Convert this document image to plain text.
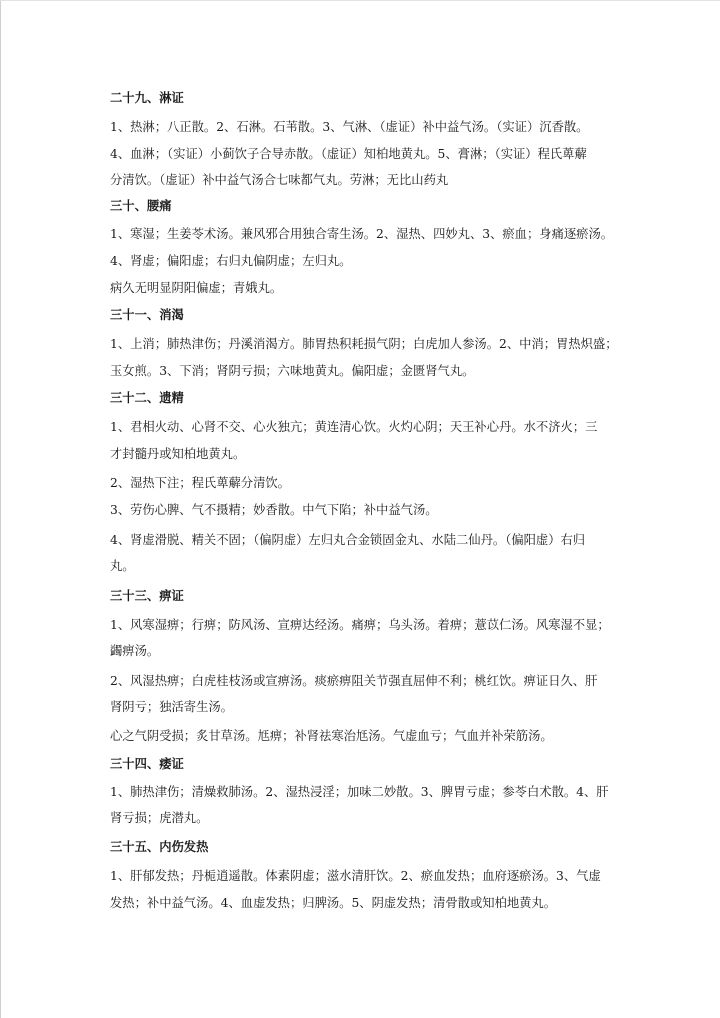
二十九、淋证
1、热淋；八正散。2、石淋。石苇散。3、气淋、（虚证）补中益气汤。（实证）沉香散。
4、血淋；（实证）小蓟饮子合导赤散。（虚证）知柏地黄丸。5、膏淋；（实证）程氏萆薢
分清饮。（虚证）补中益气汤合七味都气丸。劳淋；无比山药丸
三十、腰痛
1、寒湿；生姜苓术汤。兼风邪合用独合寄生汤。2、湿热、四妙丸、3、瘀血；身痛逐瘀汤。
4、肾虚；偏阳虚；右归丸偏阴虚；左归丸。
病久无明显阴阳偏虚；青娥丸。
三十一、消渴
1、上消；肺热津伤；丹溪消渴方。肺胃热积耗损气阴；白虎加人参汤。2、中消；胃热炽盛；
玉女煎。3、下消；肾阴亏损；六味地黄丸。偏阳虚；金匮肾气丸。
三十二、遗精
1、君相火动、心肾不交、心火独亢；黄连清心饮。火灼心阴；天王补心丹。水不济火；三
才封髓丹或知柏地黄丸。
2、湿热下注；程氏萆薢分清饮。
3、劳伤心脾、气不摄精；妙香散。中气下陷；补中益气汤。
4、肾虚滑脱、精关不固；（偏阴虚）左归丸合金锁固金丸、水陆二仙丹。（偏阳虚）右归
丸。
三十三、痹证
1、风寒湿痹；行痹；防风汤、宣痹达经汤。痛痹；乌头汤。着痹；薏苡仁汤。风寒湿不显；
蠲痹汤。
2、风湿热痹；白虎桂枝汤或宣痹汤。痰瘀痹阻关节强直屈伸不利；桃红饮。痹证日久、肝
肾阴亏；独活寄生汤。
心之气阴受损；炙甘草汤。尪痹；补肾祛寒治尪汤。气虚血亏；气血并补荣筋汤。
三十四、痿证
1、肺热津伤；清燥救肺汤。2、湿热浸淫；加味二妙散。3、脾胃亏虚；参苓白术散。4、肝
肾亏损；虎潜丸。
三十五、内伤发热
1、肝郁发热；丹栀逍遥散。体素阴虚；滋水清肝饮。2、瘀血发热；血府逐瘀汤。3、气虚
发热；补中益气汤。4、血虚发热；归脾汤。5、阴虚发热；清骨散或知柏地黄丸。
